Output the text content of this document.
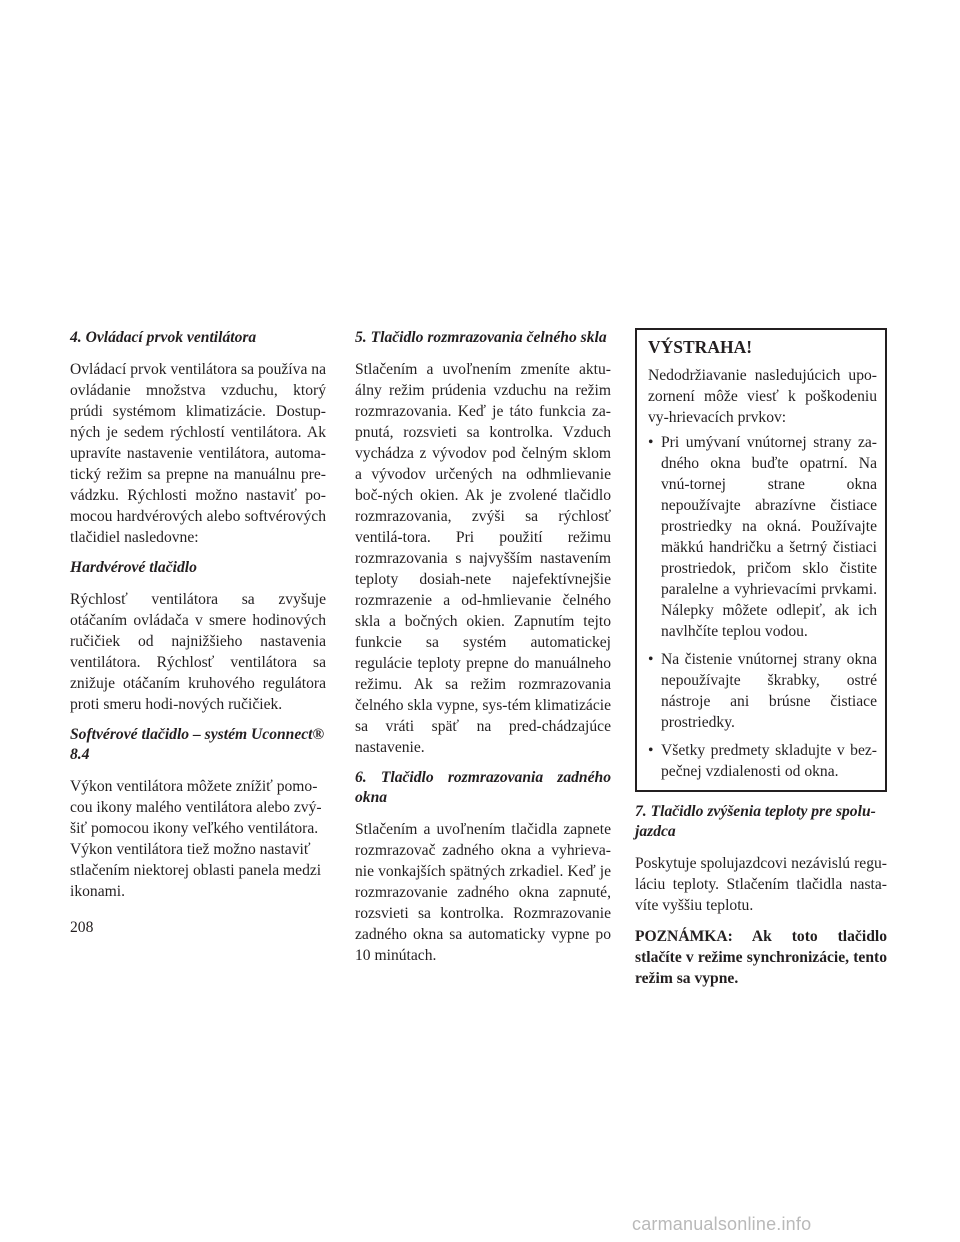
4. Ovládací prvok ventilátora

Ovládací prvok ventilátora sa používa na ovládanie množstva vzduchu, ktorý prúdi systémom klimatizácie. Dostup-ných je sedem rýchlostí ventilátora. Ak upravíte nastavenie ventilátora, automa-tický režim sa prepne na manuálnu pre-vádzku. Rýchlosti možno nastaviť po-mocou hardvérových alebo softvérových tlačidiel nasledovne:

Hardvérové tlačidlo

Rýchlosť ventilátora sa zvyšuje otáčaním ovládača v smere hodinových ručičiek od najnižšieho nastavenia ventilátora. Rýchlosť ventilátora sa znižuje otáčaním kruhového regulátora proti smeru hodi-nových ručičiek.

Softvérové tlačidlo – systém Uconnect® 8.4

Výkon ventilátora môžete znížiť pomo-cou ikony malého ventilátora alebo zvý-šiť pomocou ikony veľkého ventilátora. Výkon ventilátora tiež možno nastaviť stlačením niektorej oblasti panela medzi ikonami.

5. Tlačidlo rozmrazovania čelného skla

Stlačením a uvoľnením zmeníte aktu-álny režim prúdenia vzduchu na režim rozmrazovania. Keď je táto funkcia za-pnutá, rozsvieti sa kontrolka. Vzduch vychádza z vývodov pod čelným sklom a vývodov určených na odhmlievanie boč-ných okien. Ak je zvolené tlačidlo rozmrazovania, zvýši sa rýchlosť ventilá-tora. Pri použití režimu rozmrazovania s najvyšším nastavením teploty dosiah-nete najefektívnejšie rozmrazenie a od-hmlievanie čelného skla a bočných okien. Zapnutím tejto funkcie sa systém automatickej regulácie teploty prepne do manuálneho režimu. Ak sa režim rozmrazovania čelného skla vypne, sys-tém klimatizácie sa vráti späť na pred-chádzajúce nastavenie.

6. Tlačidlo rozmrazovania zadného okna

Stlačením a uvoľnením tlačidla zapnete rozmrazovač zadného okna a vyhrieva-nie vonkajších spätných zrkadiel. Keď je rozmrazovanie zadného okna zapnuté, rozsvieti sa kontrolka. Rozmrazovanie zadného okna sa automaticky vypne po 10 minútach.

VÝSTRAHA!

Nedodržiavanie nasledujúcich upo-zornení môže viesť k poškodeniu vy-hrievacích prvkov:

• Pri umývaní vnútornej strany za-dného okna buďte opatrní. Na vnú-tornej strane okna nepoužívajte abrazívne čistiace prostriedky na okná. Používajte mäkkú handričku a šetrný čistiaci prostriedok, pričom sklo čistite paralelne a vyhrievacími prvkami. Nálepky môžete odlepiť, ak ich navlhčíte teplou vodou.
• Na čistenie vnútornej strany okna nepoužívajte škrabky, ostré nástroje ani brúsne čistiace prostriedky.
• Všetky predmety skladujte v bez-pečnej vzdialenosti od okna.
7. Tlačidlo zvýšenia teploty pre spolu-jazdca

Poskytuje spolujazdcovi nezávislú regu-láciu teploty. Stlačením tlačidla nasta-víte vyššiu teplotu.

POZNÁMKA: Ak toto tlačidlo stlačíte v režime synchronizácie, tento režim sa vypne.

208
carmanualsonline.info
